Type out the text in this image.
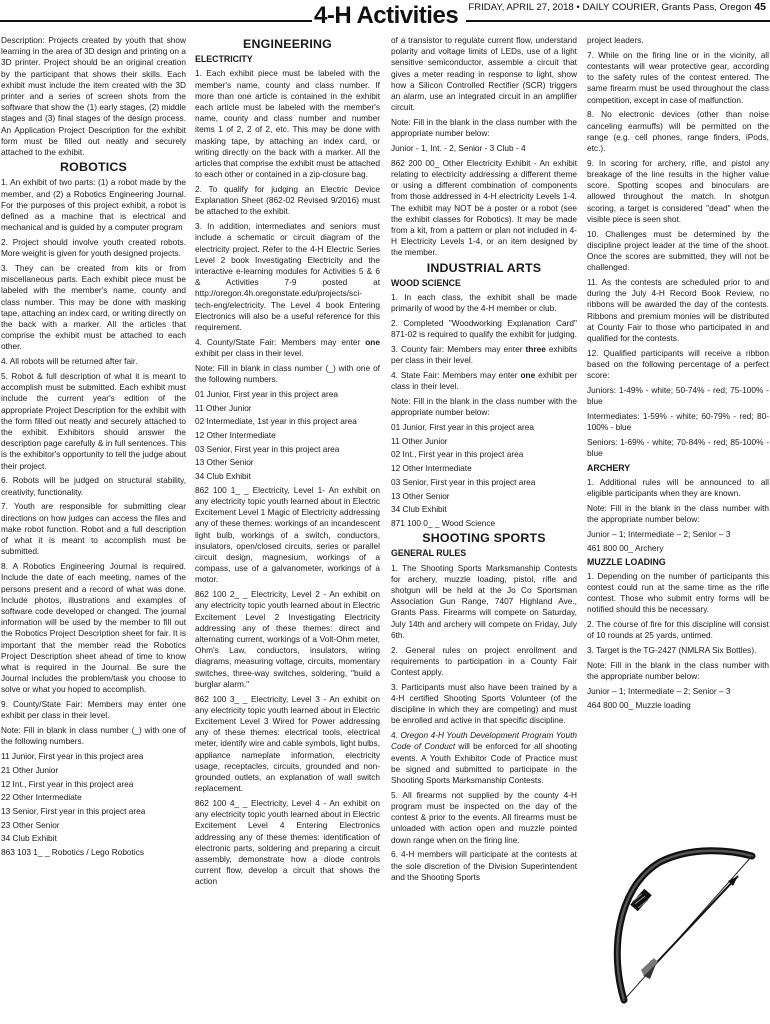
4-H Activities FRIDAY, APRIL 27, 2018 • DAILY COURIER, Grants Pass, Oregon 45

Description: Projects created by youth that show learning in the area of 3D design and printing on a 3D printer. Project should be an original creation by the participant that shows their skills. Each exhibit must include the item created with the 3D printer and a series of screen shots from the software that show the (1) early stages, (2) middle stages and (3) final stages of the design process. An Application Project Description for the exhibit form must be filled out neatly and securely attached to the exhibit.

ROBOTICS

1. An exhibit of two parts: (1) a robot made by the member, and (2) a Robotics Engineering Journal. For the purposes of this project exhibit, a robot is defined as a machine that is electrical and mechanical and is guided by a computer program

2. Project should involve youth created robots. More weight is given for youth designed projects.

3. They can be created from kits or from miscellaneous parts. Each exhibit piece must be labeled with the member's name, county and class number. This may be done with masking tape, attaching an index card, or writing directly on the back with a marker. All the articles that comprise the exhibit must be attached to each other.

4. All robots will be returned after fair.

5. Robot & full description of what it is meant to accomplish must be submitted. Each exhibit must include the current year's edition of the appropriate Project Description for the exhibit with the form filled out neatly and securely attached to the exhibit. Exhibitors should answer the description page carefully & in full sentences. This is the exhibitor's opportunity to tell the judge about their project.

6. Robots will be judged on structural stability, creativity, functionality.

7. Youth are responsible for submitting clear directions on how judges can access the files and make robot function. Robot and a full description of what it is meant to accomplish must be submitted.

8. A Robotics Engineering Journal is required. Include the date of each meeting, names of the persons present and a record of what was done. Include photos, illustrations and examples of software code developed or changed. The journal information will be used by the member to fill out the Robotics Project Description sheet for fair. It is important that the member read the Robotics Project Description sheet ahead of time to know what is required in the Journal. Be sure the Journal includes the problem/task you choose to solve or what you hoped to accomplish.

9. County/State Fair: Members may enter one exhibit per class in their level.

Note: Fill in blank in class number (_) with one of the following numbers.

11 Junior, First year in this project area

21 Other Junior

12 Int., First year in this project area

22 Other Intermediate

13 Senior, First year in this project area

23 Other Senior

34 Club Exhibit

863 103 1_ _ Robotics / Lego Robotics

ENGINEERING
ELECTRICITY

1. Each exhibit piece must be labeled with the member's name, county and class number. If more than one article is contained in the exhibit each article must be labeled with the member's name, county and class number and number items 1 of 2, 2 of 2, etc. This may be done with masking tape, by attaching an index card, or writing directly on the back with a marker. All the articles that comprise the exhibit must be attached to each other or contained in a zip-closure bag.

2. To qualify for judging an Electric Device Explanation Sheet (862-02 Revised 9/2016) must be attached to the exhibit.

3. In addition, intermediates and seniors must include a schematic or circuit diagram of the electricity project. Refer to the 4-H Electric Series Level 2 book Investigating Electricity and the interactive e-learning modules for Activities 5 & 6 & Activities 7-9 posted at http://oregon.4h.oregonstate.edu/projects/sci-tech-eng/electricity. The Level 4 book Entering Electronics will also be a useful reference for this requirement.

4. County/State Fair: Members may enter one exhibit per class in their level.

Note: Fill in blank in class number (_) with one of the following numbers.

01 Junior, First year in this project area

11 Other Junior

02 Intermediate, 1st year in this project area

12 Other Intermediate

03 Senior, First year in this project area

13 Other Senior

34 Club Exhibit

862 100 1_ _ Electricity, Level 1- An exhibit on any electricity topic youth learned about in Electric Excitement Level 1 Magic of Electricity addressing any of these themes: workings of an incandescent light bulb, workings of a switch, conductors, insulators, open/closed circuits, series or parallel circuit design, magnesium, workings of a compass, use of a galvanometer, workings of a motor.

862 100 2_ _ Electricity, Level 2 - An exhibit on any electricity topic youth learned about in Electric Excitement Level 2 Investigating Electricity addressing any of these themes: direct and alternating current, workings of a Volt-Ohm meter, Ohm's Law, conductors, insulators, wiring diagrams, measuring voltage, circuits, momentary switches, three-way switches, soldering, "build a burglar alarm."

862 100 3_ _ Electricity, Level 3 - An exhibit on any electricity topic youth learned about in Electric Excitement Level 3 Wired for Power addressing any of these themes: electrical tools, electrical meter, identify wire and cable symbols, light bulbs, appliance nameplate information, electricity usage, receptacles, circuits, grounded and non-grounded outlets, an explanation of wall switch replacement.

862 100 4_ _ Electricity, Level 4 - An exhibit on any electricity topic youth learned about in Electric Excitement Level 4 Entering Electronics addressing any of these themes: identification of electronic parts, soldering and preparing a circuit assembly, demonstrate how a diode controls current flow, develop a circuit that shows the action

of a transistor to regulate current flow, understand polarity and voltage limits of LEDs, use of a light sensitive semiconductor, assemble a circuit that gives a meter reading in response to light, show how a Silicon Controlled Rectifier (SCR) triggers an alarm, use an integrated circuit in an amplifier circuit.

Note: Fill in the blank in the class number with the appropriate number below:

Junior - 1, Int. - 2, Senior - 3 Club - 4

862 200 00_ Other Electricity Exhibit - An exhibit relating to electricity addressing a different theme or using a different combination of components from those addressed in 4-H electricity Levels 1-4. The exhibit may NOT be a poster or a robot (see the exhibit classes for Robotics). It may be made from a kit, from a pattern or plan not included in 4-H Electricity Levels 1-4, or an item designed by the member.

INDUSTRIAL ARTS
WOOD SCIENCE

1. In each class, the exhibit shall be made primarily of wood by the 4-H member or club.

2. Completed "Woodworking Explanation Card" 871-02 is required to qualify the exhibit for judging.

3. County fair: Members may enter three exhibits per class in their level.

4. State Fair: Members may enter one exhibit per class in their level.

Note: Fill in the blank in the class number with the appropriate number below:

01 Junior, First year in this project area

11 Other Junior

02 Int., First year in this project area

12 Other Intermediate

03 Senior, First year in this project area

13 Other Senior

34 Club Exhibit

871 100 0_ _ Wood Science

SHOOTING SPORTS
GENERAL RULES

1. The Shooting Sports Marksmanship Contests for archery, muzzle loading, pistol, rifle and shotgun will be held at the Jo Co Sportsman Association Gun Range, 7407 Highland Ave., Grants Pass. Firearms will compete on Saturday, July 14th and archery will compete on Friday, July 6th.

2. General rules on project enrollment and requirements to participation in a County Fair Contest apply.

3. Participants must also have been trained by a 4-H certified Shooting Sports Volunteer (of the discipline in which they are competing) and must be enrolled and active in that specific discipline.

4. Oregon 4-H Youth Development Program Youth Code of Conduct will be enforced for all shooting events. A Youth Exhibitor Code of Practice must be signed and submitted to participate in the Shooting Sports Marksmanship Contests.

5. All firearms not supplied by the county 4-H program must be inspected on the day of the contest & prior to the events. All firearms must be unloaded with action open and muzzle pointed down range when on the firing line.

6. 4-H members will participate at the contests at the sole discretion of the Division Superintendent and the Shooting Sports

project leaders.

7. While on the firing line or in the vicinity, all contestants will wear protective gear, according to the safety rules of the contest entered. The same firearm must be used throughout the class competition, except in case of malfunction.

8. No electronic devices (other than noise canceling earmuffs) will be permitted on the range (e.g. cell phones, range finders, iPods, etc.).

9. In scoring for archery, rifle, and pistol any breakage of the line results in the higher value score. Spotting scopes and binoculars are allowed throughout the match. In shotgun scoring, a target is considered "dead" when the visible piece is seen shot.

10. Challenges must be determined by the discipline project leader at the time of the shoot. Once the scores are submitted, they will not be challenged.

11. As the contests are scheduled prior to and during the July 4-H Record Book Review, no ribbons will be awarded the day of the contests. Ribbons and premium monies will be distributed at County Fair to those who participated in and qualified for the contests.

12. Qualified participants will receive a ribbon based on the following percentage of a perfect score:

Juniors: 1-49% - white; 50-74% - red; 75-100% - blue

Intermediates: 1-59% - white; 60-79% - red; 80-100% - blue

Seniors: 1-69% - white; 70-84% - red; 85-100% - blue

ARCHERY

1. Additional rules will be announced to all eligible participants when they are known.

Note: Fill in the blank in the class number with the appropriate number below:

Junior – 1; Intermediate – 2; Senior – 3

461 800 00_ Archery

MUZZLE LOADING

1. Depending on the number of participants this contest could run at the same time as the rifle contest. Those who submit entry forms will be notified should this be necessary.

2. The course of fire for this discipline will consist of 10 rounds at 25 yards, untimed.

3. Target is the TG-2427 (NMLRA Six Bottles).

Note: Fill in the blank in the class number with the appropriate number below:

Junior – 1; Intermediate – 2; Senior – 3

464 800 00_ Muzzle loading
